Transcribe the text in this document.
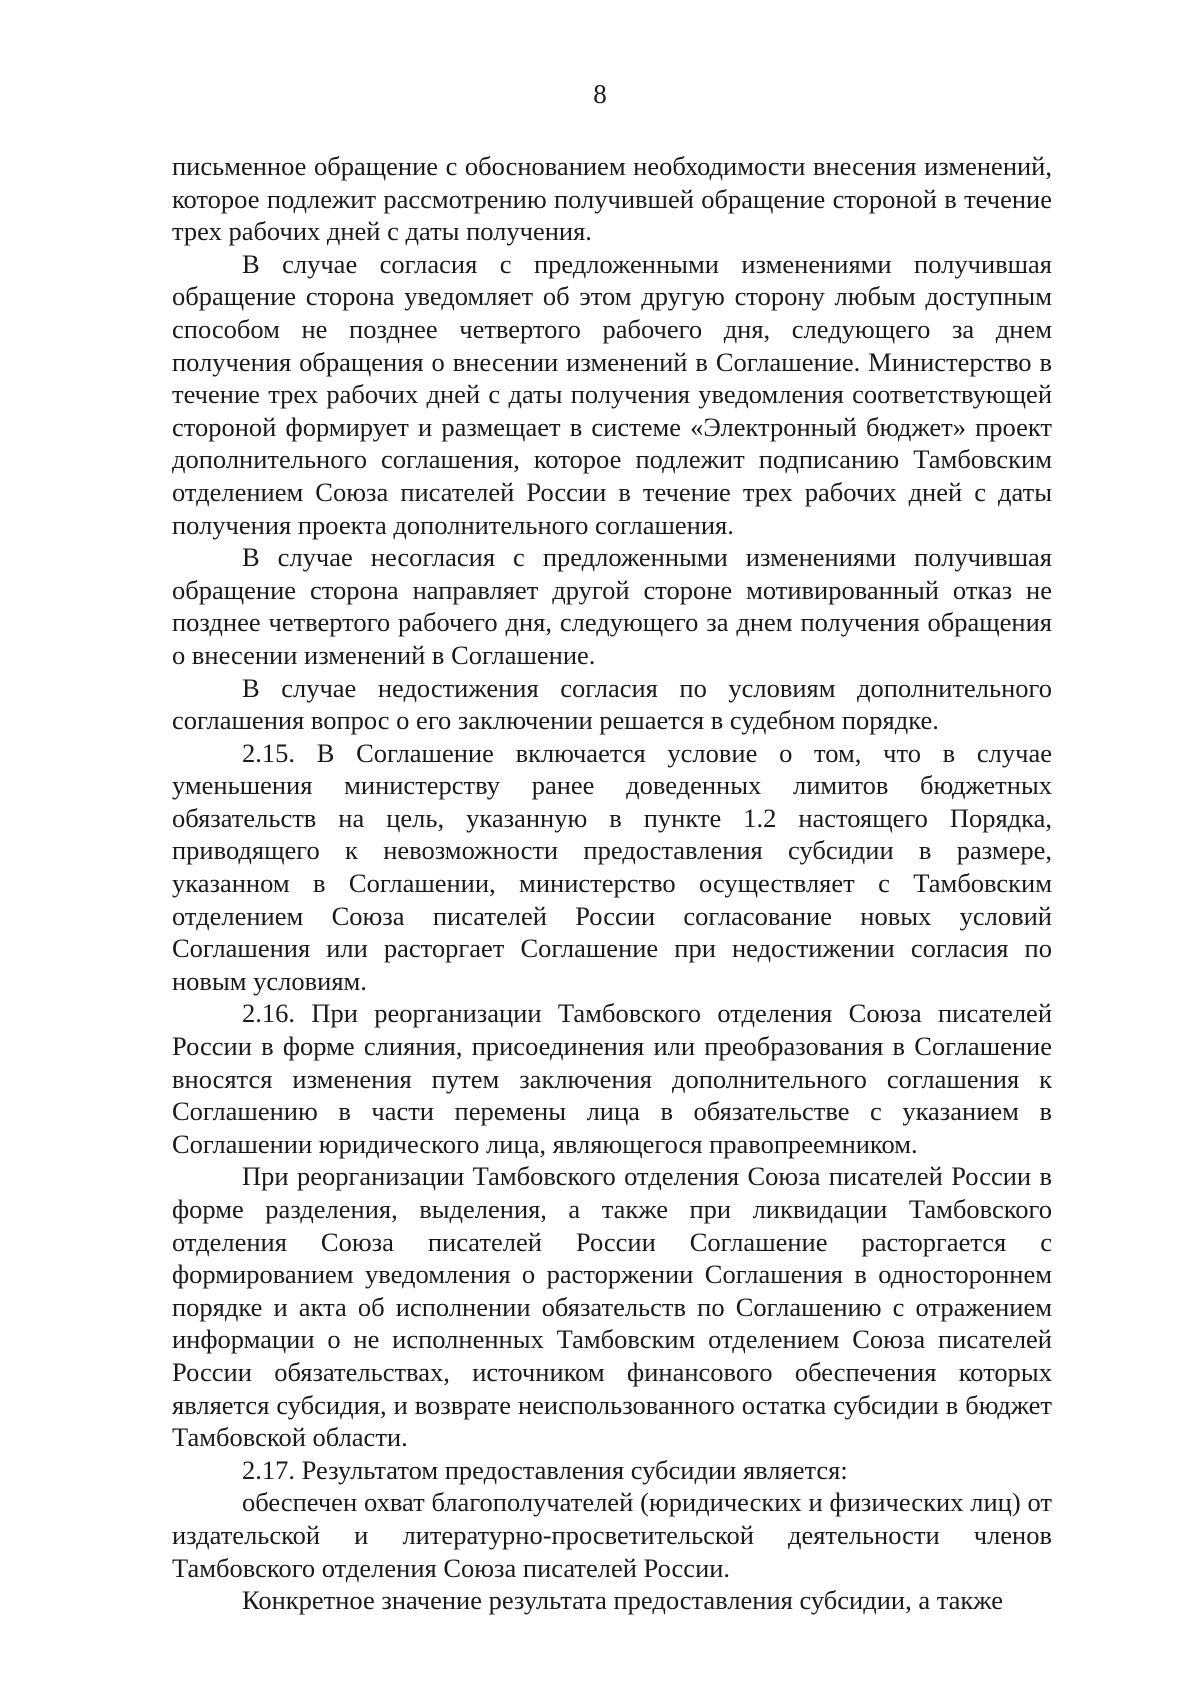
8

письменное обращение с обоснованием необходимости внесения изменений, которое подлежит рассмотрению получившей обращение стороной в течение трех рабочих дней с даты получения.

В случае согласия с предложенными изменениями получившая обращение сторона уведомляет об этом другую сторону любым доступным способом не позднее четвертого рабочего дня, следующего за днем получения обращения о внесении изменений в Соглашение. Министерство в течение трех рабочих дней с даты получения уведомления соответствующей стороной формирует и размещает в системе «Электронный бюджет» проект дополнительного соглашения, которое подлежит подписанию Тамбовским отделением Союза писателей России в течение трех рабочих дней с даты получения проекта дополнительного соглашения.

В случае несогласия с предложенными изменениями получившая обращение сторона направляет другой стороне мотивированный отказ не позднее четвертого рабочего дня, следующего за днем получения обращения о внесении изменений в Соглашение.

В случае недостижения согласия по условиям дополнительного соглашения вопрос о его заключении решается в судебном порядке.

2.15. В Соглашение включается условие о том, что в случае уменьшения министерству ранее доведенных лимитов бюджетных обязательств на цель, указанную в пункте 1.2 настоящего Порядка, приводящего к невозможности предоставления субсидии в размере, указанном в Соглашении, министерство осуществляет с Тамбовским отделением Союза писателей России согласование новых условий Соглашения или расторгает Соглашение при недостижении согласия по новым условиям.

2.16. При реорганизации Тамбовского отделения Союза писателей России в форме слияния, присоединения или преобразования в Соглашение вносятся изменения путем заключения дополнительного соглашения к Соглашению в части перемены лица в обязательстве с указанием в Соглашении юридического лица, являющегося правопреемником.

При реорганизации Тамбовского отделения Союза писателей России в форме разделения, выделения, а также при ликвидации Тамбовского отделения Союза писателей России Соглашение расторгается с формированием уведомления о расторжении Соглашения в одностороннем порядке и акта об исполнении обязательств по Соглашению с отражением информации о не исполненных Тамбовским отделением Союза писателей России обязательствах, источником финансового обеспечения которых является субсидия, и возврате неиспользованного остатка субсидии в бюджет Тамбовской области.

2.17. Результатом предоставления субсидии является:

обеспечен охват благополучателей (юридических и физических лиц) от издательской и литературно-просветительской деятельности членов Тамбовского отделения Союза писателей России.

Конкретное значение результата предоставления субсидии, а также
